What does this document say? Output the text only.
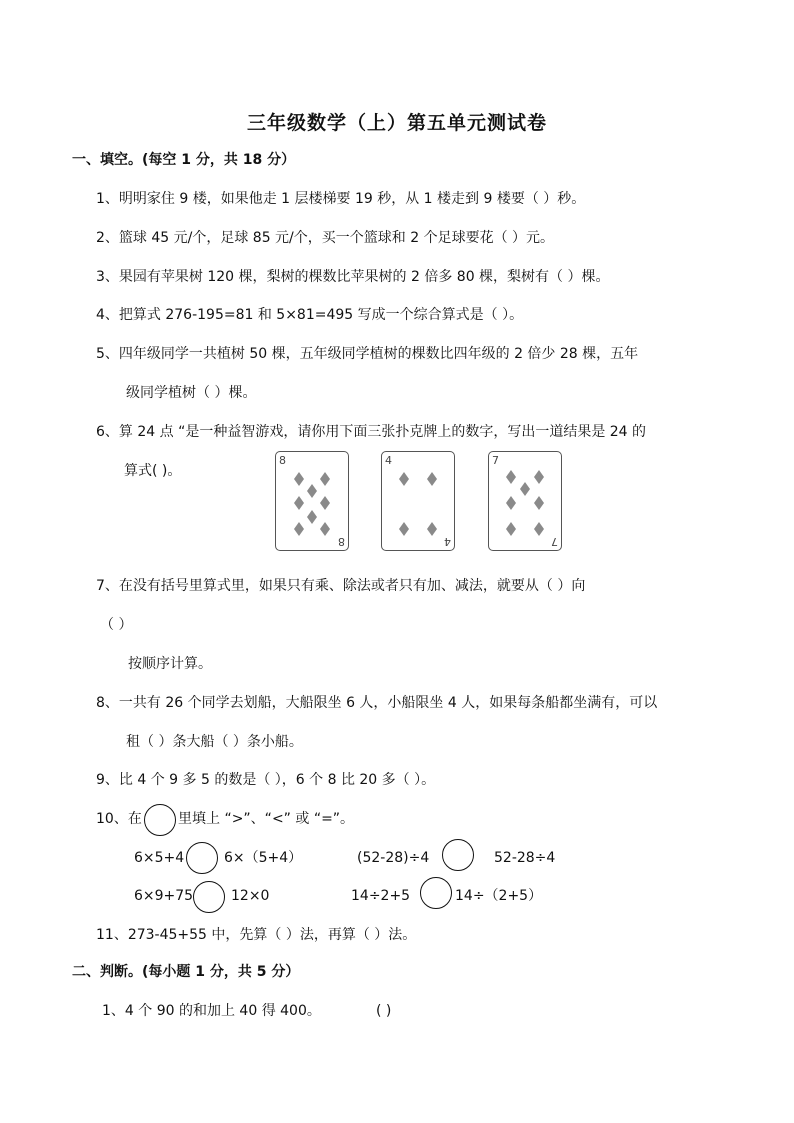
三年级数学（上）第五单元测试卷
一、填空。(每空 1 分，共 18 分）
1、明明家住 9 楼，如果他走 1 层楼梯要 19 秒，从 1 楼走到 9 楼要（ ）秒。
2、篮球 45 元/个，足球 85 元/个，买一个篮球和 2 个足球要花（ ）元。
3、果园有苹果树 120 棵，梨树的棵数比苹果树的 2 倍多 80 棵，梨树有（ ）棵。
4、把算式 276-195=81 和 5×81=495 写成一个综合算式是（ ）。
5、四年级同学一共植树 50 棵，五年级同学植树的棵数比四年级的 2 倍少 28 棵，五年
级同学植树（ ）棵。
6、算 24 点 “是一种益智游戏，请你用下面三张扑克牌上的数字，写出一道结果是 24 的
算式( )。
8
8
4
4
7
7
7、在没有括号里算式里，如果只有乘、除法或者只有加、减法，就要从（ ）向
（ ）
按顺序计算。
8、一共有 26 个同学去划船，大船限坐 6 人，小船限坐 4 人，如果每条船都坐满有，可以
租（ ）条大船（ ）条小船。
9、比 4 个 9 多 5 的数是（ ），6 个 8 比 20 多（ ）。
10、在	里填上 “>”、“<” 或 “=”。
6×5+4	6×（5+4）	(52-28)÷4	52-28÷4
6×9+75	12×0	14÷2+5	14÷（2+5）
11、273-45+55 中，先算（ ）法，再算（ ）法。
二、判断。(每小题 1 分，共 5 分）
1、4 个 90 的和加上 40 得 400。	( )
